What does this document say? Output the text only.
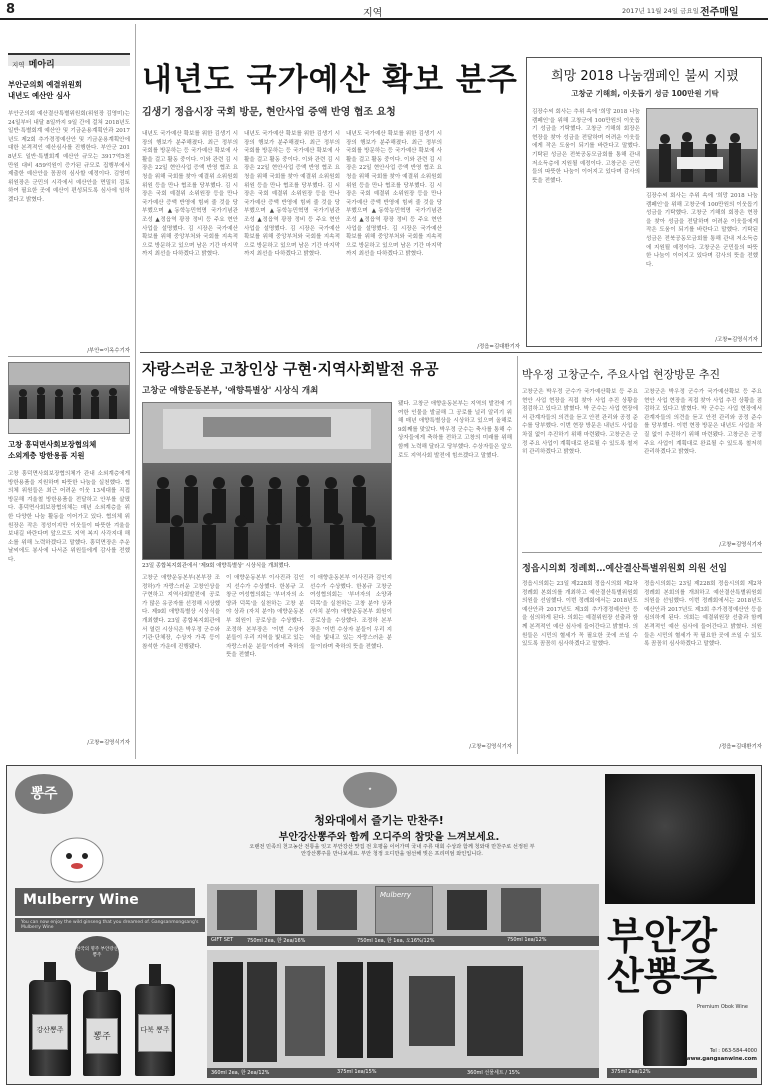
8	지역	2017년 11월 24일 금요일 전주매일
지역 메아리
부안군의회 예결위원회
내년도 예산안 심사
부안군의회 예산결산특별위원회(위원장 김영미)는 24일부터 내달 8일까지 9일 간에 걸쳐 2018년도 일반·특별회계 예산안 및 기금운용계획안과 2017년도 제2회 추가경정예산안 및 기금운용계획안에 대한 본격적인 예산심사를 진행한다. 부안군 2018년도 일반·특별회계 예산안 규모는 3917억5천만원 대비 459억원이 증가된 규모로 집행부에서 제출한 예산안을 꼼꼼히 심사할 예정이다. 김영미 위원장은 군민의 시각에서 예산안을 면밀히 검토하여 필요한 곳에 예산이 편성되도록 심사에 임하겠다고 밝혔다.
/부안=이옥수기자
고창 흥덕면사회보장협의체
소외계층 방한용품 지원
고창 흥덕면사회보장협의체가 관내 소외계층에게 방한용품을 지원하며 따뜻한 나눔을 실천했다. 협의체 위원들은 최근 어려운 이웃 13세대를 직접 방문해 겨울철 방한용품을 전달하고 안부를 살폈다. 흥덕면사회보장협의체는 매년 소외계층을 위한 다양한 나눔 활동을 이어가고 있다. 협의체 위원장은 작은 정성이지만 이웃들이 따뜻한 겨울을 보내길 바란다며 앞으로도 지역 복지 사각지대 해소를 위해 노력하겠다고 말했다. 흥덕면장은 추운 날씨에도 봉사에 나서준 위원들에게 감사를 전했다.
/고창=김영식기자
내년도 국가예산 확보 분주
김생기 정읍시장 국회 방문, 현안사업 증액 반영 협조 요청
내년도 국가예산 확보를 위한 김생기 시장의 행보가 분주해졌다. 최근 정부의 국회를 방문하는 등 국가예산 확보에 사활을 걸고 활동 중이다. 이와 관련 김 시장은 22일 현안사업 증액 반영 협조 요청을 위해 국회를 찾아 예결위 소위원회 위원 등을 만나 협조를 당부했다. 김 시장은 국회 예결위 소위원장 등을 만나 국가예산 증액 반영에 힘써 줄 것을 당부했으며 ▲동학농민혁명 국가기념관 조성 ▲정읍역 광장 정비 등 주요 현안 사업을 설명했다. 김 시장은 국가예산 확보를 위해 중앙부처와 국회를 지속적으로 방문하고 있으며 남은 기간 마지막까지 최선을 다하겠다고 밝혔다.
내년도 국가예산 확보를 위한 김생기 시장의 행보가 분주해졌다. 최근 정부의 국회를 방문하는 등 국가예산 확보에 사활을 걸고 활동 중이다. 이와 관련 김 시장은 22일 현안사업 증액 반영 협조 요청을 위해 국회를 찾아 예결위 소위원회 위원 등을 만나 협조를 당부했다. 김 시장은 국회 예결위 소위원장 등을 만나 국가예산 증액 반영에 힘써 줄 것을 당부했으며 ▲동학농민혁명 국가기념관 조성 ▲정읍역 광장 정비 등 주요 현안 사업을 설명했다. 김 시장은 국가예산 확보를 위해 중앙부처와 국회를 지속적으로 방문하고 있으며 남은 기간 마지막까지 최선을 다하겠다고 밝혔다.
내년도 국가예산 확보를 위한 김생기 시장의 행보가 분주해졌다. 최근 정부의 국회를 방문하는 등 국가예산 확보에 사활을 걸고 활동 중이다. 이와 관련 김 시장은 22일 현안사업 증액 반영 협조 요청을 위해 국회를 찾아 예결위 소위원회 위원 등을 만나 협조를 당부했다. 김 시장은 국회 예결위 소위원장 등을 만나 국가예산 증액 반영에 힘써 줄 것을 당부했으며 ▲동학농민혁명 국가기념관 조성 ▲정읍역 광장 정비 등 주요 현안 사업을 설명했다. 김 시장은 국가예산 확보를 위해 중앙부처와 국회를 지속적으로 방문하고 있으며 남은 기간 마지막까지 최선을 다하겠다고 밝혔다.
/정읍=김대환기자
희망 2018 나눔캠페인 불씨 지폈
고창군 기해희, 이웃돕기 성금 100만원 기탁
김장수씨 회사는 추위 속에 '희망 2018 나눔 캠페인'을 위해 고창군에 100만원의 이웃돕기 성금을 기탁했다. 고창군 기해희 회장은 현장을 찾아 성금을 전달하며 어려운 이웃들에게 작은 도움이 되기를 바란다고 말했다. 기탁된 성금은 전북공동모금회를 통해 관내 저소득층에 지원될 예정이다. 고창군은 군민들의 따뜻한 나눔이 이어지고 있다며 감사의 뜻을 전했다.
김장수씨 회사는 추위 속에 '희망 2018 나눔 캠페인'을 위해 고창군에 100만원의 이웃돕기 성금을 기탁했다. 고창군 기해희 회장은 현장을 찾아 성금을 전달하며 어려운 이웃들에게 작은 도움이 되기를 바란다고 말했다. 기탁된 성금은 전북공동모금회를 통해 관내 저소득층에 지원될 예정이다. 고창군은 군민들의 따뜻한 나눔이 이어지고 있다며 감사의 뜻을 전했다.
/고창=김영식기자
자랑스러운 고창인상 구현·지역사회발전 유공
고창군 애향운동본부, '애향특별상' 시상식 개최
23일 종합복지회관에서 '제9회 애향특별상' 시상식을 개최했다.
고창군 애향운동본부(본부장 조정하)가 자랑스러운 고창인상을 구현하고 지역사회발전에 공로가 많은 유공자를 선정해 시상했다. 제9회 애향특별상 시상식을 개최했다. 23일 종합복지회관에서 열린 시상식은 박우정 군수와 기관·단체장, 수상자 가족 등이 참석한 가운데 진행됐다.
이 애향운동본부 이사진과 김인지 선수가 수상했다. 한봉규 고창군 여성협의회는 '부녀자의 소양과 덕목'을 실천하는 고창 분야 상과 (자치 분야) 애향운동본부 회원이 공로상을 수상했다. 조정하 본부장은 '이번 수상자 분들이 우리 지역을 빛내고 있는 자랑스러운 분들'이라며 축하의 뜻을 전했다.
이 애향운동본부 이사진과 김인지 선수가 수상했다. 한봉규 고창군 여성협의회는 '부녀자의 소양과 덕목'을 실천하는 고창 분야 상과 (자치 분야) 애향운동본부 회원이 공로상을 수상했다. 조정하 본부장은 '이번 수상자 분들이 우리 지역을 빛내고 있는 자랑스러운 분들'이라며 축하의 뜻을 전했다.
됐다. 고창군 애향운동본부는 지역의 발전에 기여한 인물을 발굴해 그 공로를 널리 알리기 위해 매년 애향특별상을 시상하고 있으며 올해로 9회째를 맞았다. 박우정 군수는 축사를 통해 수상자들에게 축하를 전하고 고창의 미래를 위해 함께 노력해 달라고 당부했다. 수상자들은 앞으로도 지역사회 발전에 힘쓰겠다고 말했다.
/고창=김영식기자
박우정 고창군수, 주요사업 현장방문 추진
고창군은 박우정 군수가 국가예산확보 등 주요 현안 사업 현장을 직접 찾아 사업 추진 상황을 점검하고 있다고 밝혔다. 박 군수는 사업 현장에서 관계자들의 의견을 듣고 안전 관리와 공정 준수를 당부했다. 이번 현장 방문은 내년도 사업을 차질 없이 추진하기 위해 마련됐다. 고창군은 군정 주요 사업이 계획대로 완료될 수 있도록 철저히 관리하겠다고 밝혔다.
고창군은 박우정 군수가 국가예산확보 등 주요 현안 사업 현장을 직접 찾아 사업 추진 상황을 점검하고 있다고 밝혔다. 박 군수는 사업 현장에서 관계자들의 의견을 듣고 안전 관리와 공정 준수를 당부했다. 이번 현장 방문은 내년도 사업을 차질 없이 추진하기 위해 마련됐다. 고창군은 군정 주요 사업이 계획대로 완료될 수 있도록 철저히 관리하겠다고 밝혔다.
/고창=김영식기자
정읍시의회 정례회…예산결산특별위원회 의원 선임
정읍시의회는 23일 제228회 정읍시의회 제2차 정례회 본회의를 개최하고 예산결산특별위원회 의원을 선임했다. 이번 정례회에서는 2018년도 예산안과 2017년도 제3회 추가경정예산안 등을 심의하게 된다. 의회는 예결위원장 선출과 함께 본격적인 예산 심사에 들어간다고 밝혔다. 의원들은 시민의 혈세가 꼭 필요한 곳에 쓰일 수 있도록 꼼꼼히 심사하겠다고 말했다.
정읍시의회는 23일 제228회 정읍시의회 제2차 정례회 본회의를 개최하고 예산결산특별위원회 의원을 선임했다. 이번 정례회에서는 2018년도 예산안과 2017년도 제3회 추가경정예산안 등을 심의하게 된다. 의회는 예결위원장 선출과 함께 본격적인 예산 심사에 들어간다고 밝혔다. 의원들은 시민의 혈세가 꼭 필요한 곳에 쓰일 수 있도록 꼼꼼히 심사하겠다고 말했다.
/정읍=김대환기자
뽕주
Mulberry Wine
You can now enjoy the wild ginseng that you dreamed of. Gangsanmongsang's Mulberry Wine
한국의 명주 부안강산뽕주
강산뽕주
뽕주
다북 뽕주
★
청와대에서 즐기는 만찬주!
부안강산뽕주와 함께 오디주의 참맛을 느껴보세요.
오랜전 민족의 천고농산 전통을 잇고 부안강산 맛집 전 호평을 이어가며 국내 주류 대회 수상과 함께 청와대 만찬주로 선정된 부안강산뽕주를 만나보세요. 부안 청정 오디만을 엄선해 빚은 프리미엄 와인입니다.
Mulberry
GIFT SET	750ml 2ea, 한 2ea/16%	750ml 1ea, 한 1ea, 오16%/12%	750ml 1ea/12%
360ml 2ea, 한 2ea/12%	375ml 1ea/15%	360ml 선물세트 / 15%
부안강산뽕주
Premium Obok Wine
375ml 2ea/12%
Tel : 063-584-4000
www.gangsanwine.com
